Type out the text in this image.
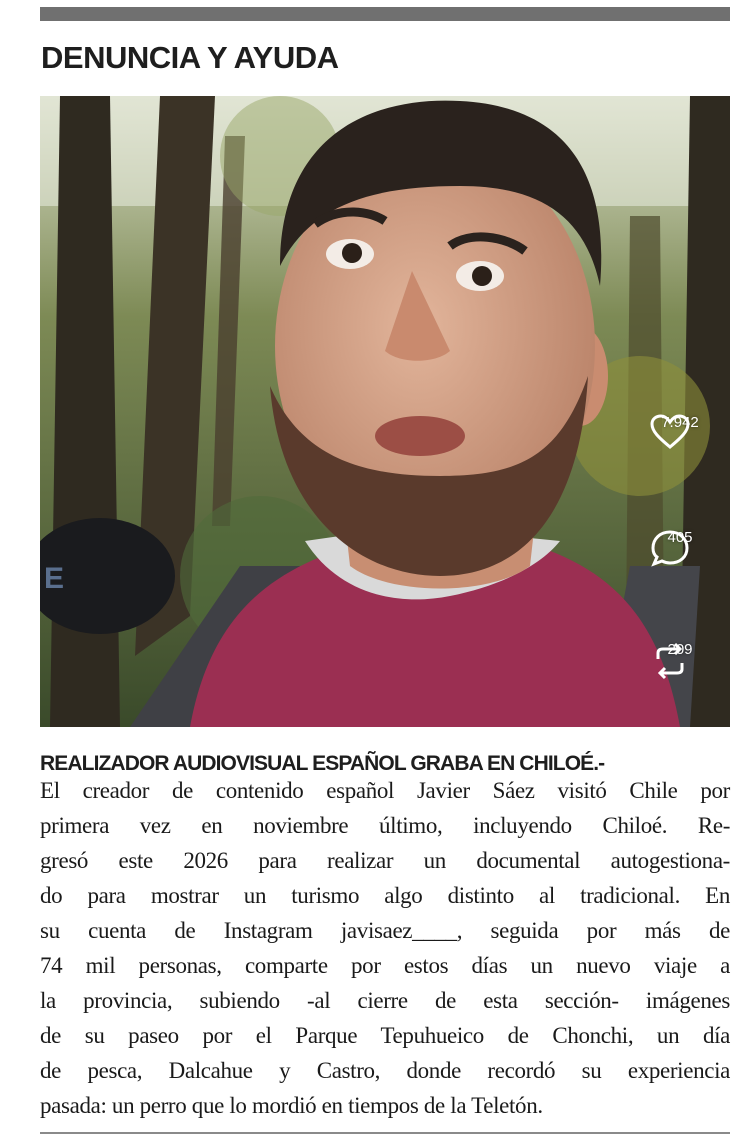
DENUNCIA Y AYUDA
E
7.942
405
209
REALIZADOR AUDIOVISUAL ESPAÑOL GRABA EN CHILOÉ.-
El creador de contenido español Javier Sáez visitó Chile por
primera vez en noviembre último, incluyendo Chiloé. Re-
gresó este 2026 para realizar un documental autogestiona-
do para mostrar un turismo algo distinto al tradicional. En
su cuenta de Instagram javisaez____, seguida por más de
74 mil personas, comparte por estos días un nuevo viaje a
la provincia, subiendo -al cierre de esta sección- imágenes
de su paseo por el Parque Tepuhueico de Chonchi, un día
de pesca, Dalcahue y Castro, donde recordó su experiencia
pasada: un perro que lo mordió en tiempos de la Teletón.
